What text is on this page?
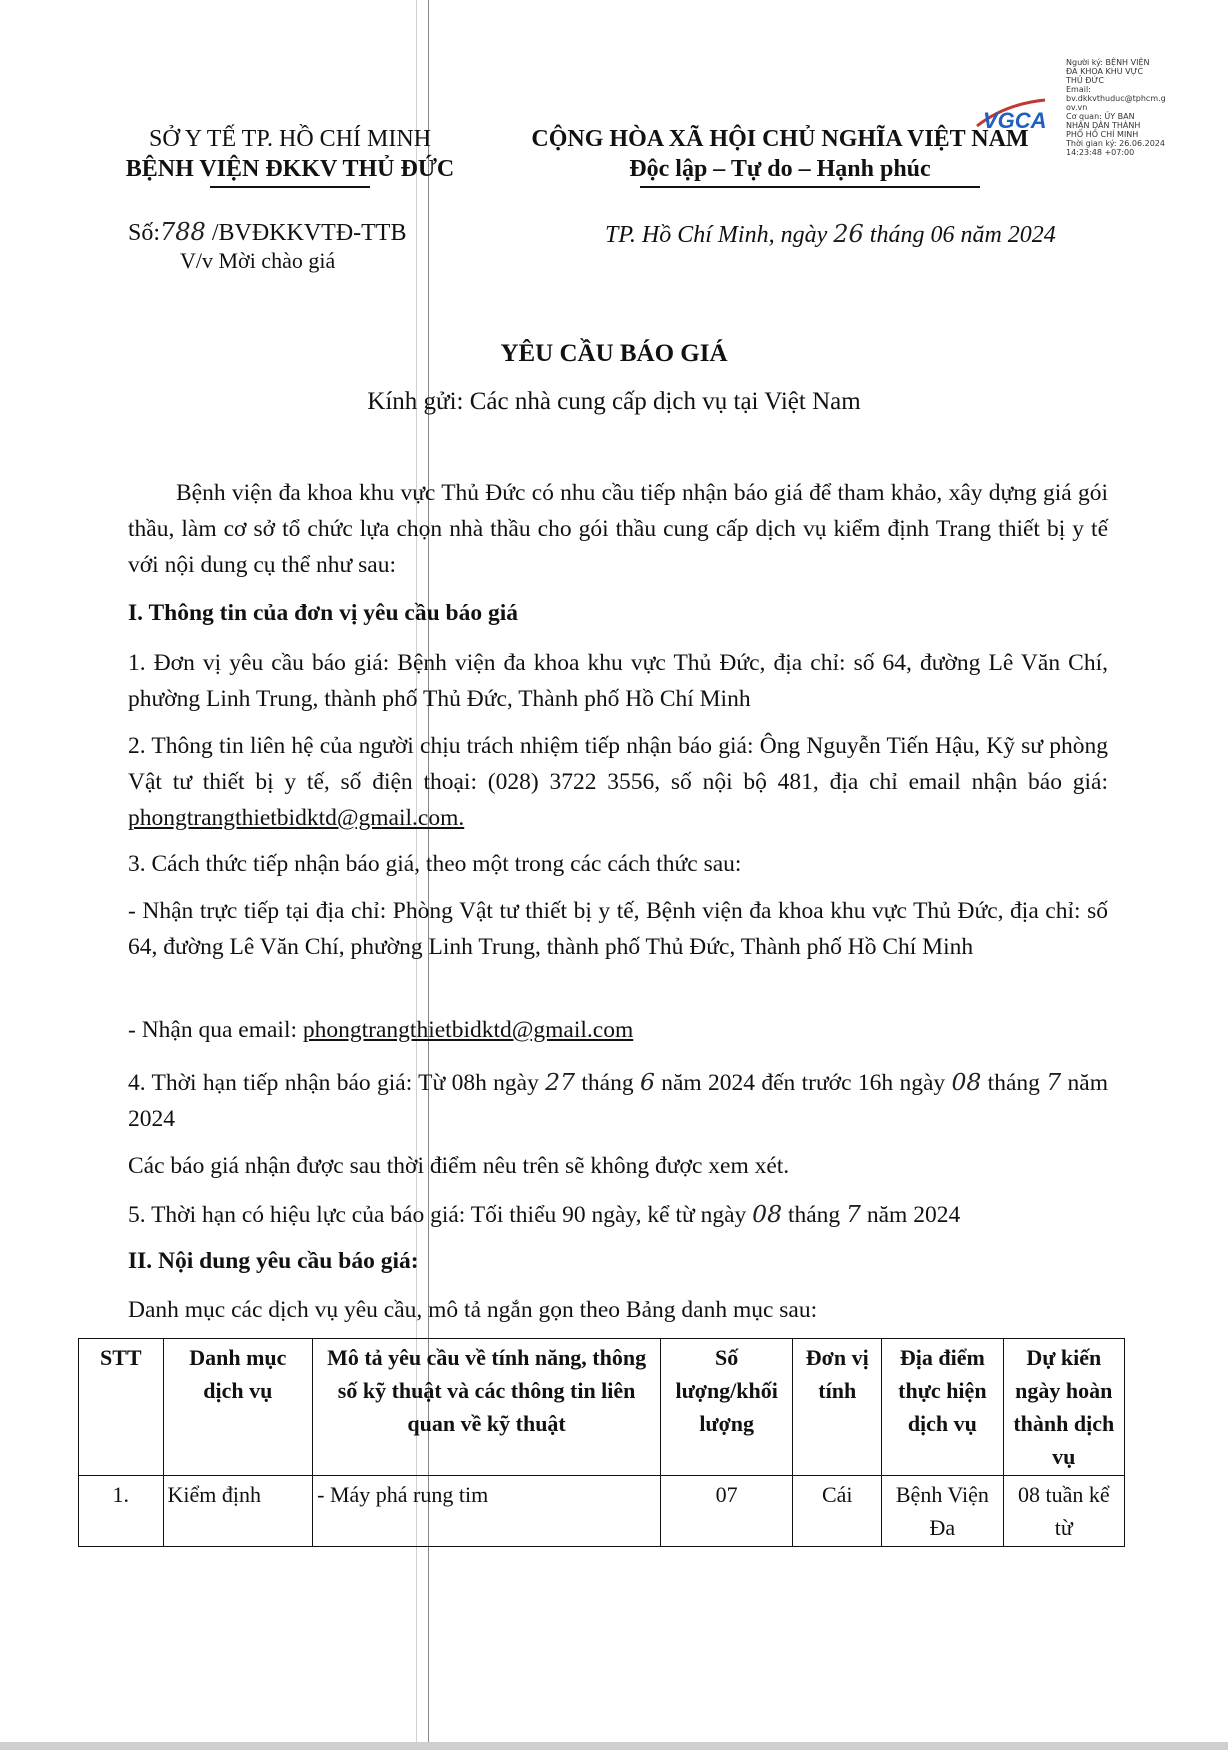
SỞ Y TẾ TP. HỒ CHÍ MINH
BỆNH VIỆN ĐKKV THỦ ĐỨC
CỘNG HÒA XÃ HỘI CHỦ NGHĨA VIỆT NAM
Độc lập – Tự do – Hạnh phúc
VGCA
Người ký: BỆNH VIỆN
ĐA KHOA KHU VỰC
THỦ ĐỨC
Email:
bv.dkkvthuduc@tphcm.g
ov.vn
Cơ quan: ỦY BAN
NHÂN DÂN THÀNH
PHỐ HỒ CHÍ MINH
Thời gian ký: 26.06.2024
14:23:48 +07:00
Số:788 /BVĐKKVTĐ-TTB
V/v Mời chào giá
TP. Hồ Chí Minh, ngày 26 tháng 06 năm 2024
YÊU CẦU BÁO GIÁ
Kính gửi: Các nhà cung cấp dịch vụ tại Việt Nam
Bệnh viện đa khoa khu vực Thủ Đức có nhu cầu tiếp nhận báo giá để tham khảo, xây dựng giá gói thầu, làm cơ sở tổ chức lựa chọn nhà thầu cho gói thầu cung cấp dịch vụ kiểm định Trang thiết bị y tế với nội dung cụ thể như sau:
I. Thông tin của đơn vị yêu cầu báo giá
1. Đơn vị yêu cầu báo giá: Bệnh viện đa khoa khu vực Thủ Đức, địa chỉ: số 64, đường Lê Văn Chí, phường Linh Trung, thành phố Thủ Đức, Thành phố Hồ Chí Minh
2. Thông tin liên hệ của người chịu trách nhiệm tiếp nhận báo giá: Ông Nguyễn Tiến Hậu, Kỹ sư phòng Vật tư thiết bị y tế, số điện thoại: (028) 3722 3556, số nội bộ 481, địa chỉ email nhận báo giá: phongtrangthietbidktd@gmail.com.
3. Cách thức tiếp nhận báo giá, theo một trong các cách thức sau:
- Nhận trực tiếp tại địa chỉ: Phòng Vật tư thiết bị y tế, Bệnh viện đa khoa khu vực Thủ Đức, địa chỉ: số 64, đường Lê Văn Chí, phường Linh Trung, thành phố Thủ Đức, Thành phố Hồ Chí Minh
- Nhận qua email: phongtrangthietbidktd@gmail.com
4. Thời hạn tiếp nhận báo giá: Từ 08h ngày 27 tháng 6 năm 2024 đến trước 16h ngày 08 tháng 7 năm 2024
Các báo giá nhận được sau thời điểm nêu trên sẽ không được xem xét.
5. Thời hạn có hiệu lực của báo giá: Tối thiểu 90 ngày, kể từ ngày 08 tháng 7 năm 2024
II. Nội dung yêu cầu báo giá:
Danh mục các dịch vụ yêu cầu, mô tả ngắn gọn theo Bảng danh mục sau:
STT	Danh mục dịch vụ	Mô tả yêu cầu về tính năng, thông số kỹ thuật và các thông tin liên quan về kỹ thuật	Số lượng/khối lượng	Đơn vị tính	Địa điểm thực hiện dịch vụ	Dự kiến ngày hoàn thành dịch vụ
1.	Kiểm định	- Máy phá rung tim	07	Cái	Bệnh Viện Đa	08 tuần kể từ
